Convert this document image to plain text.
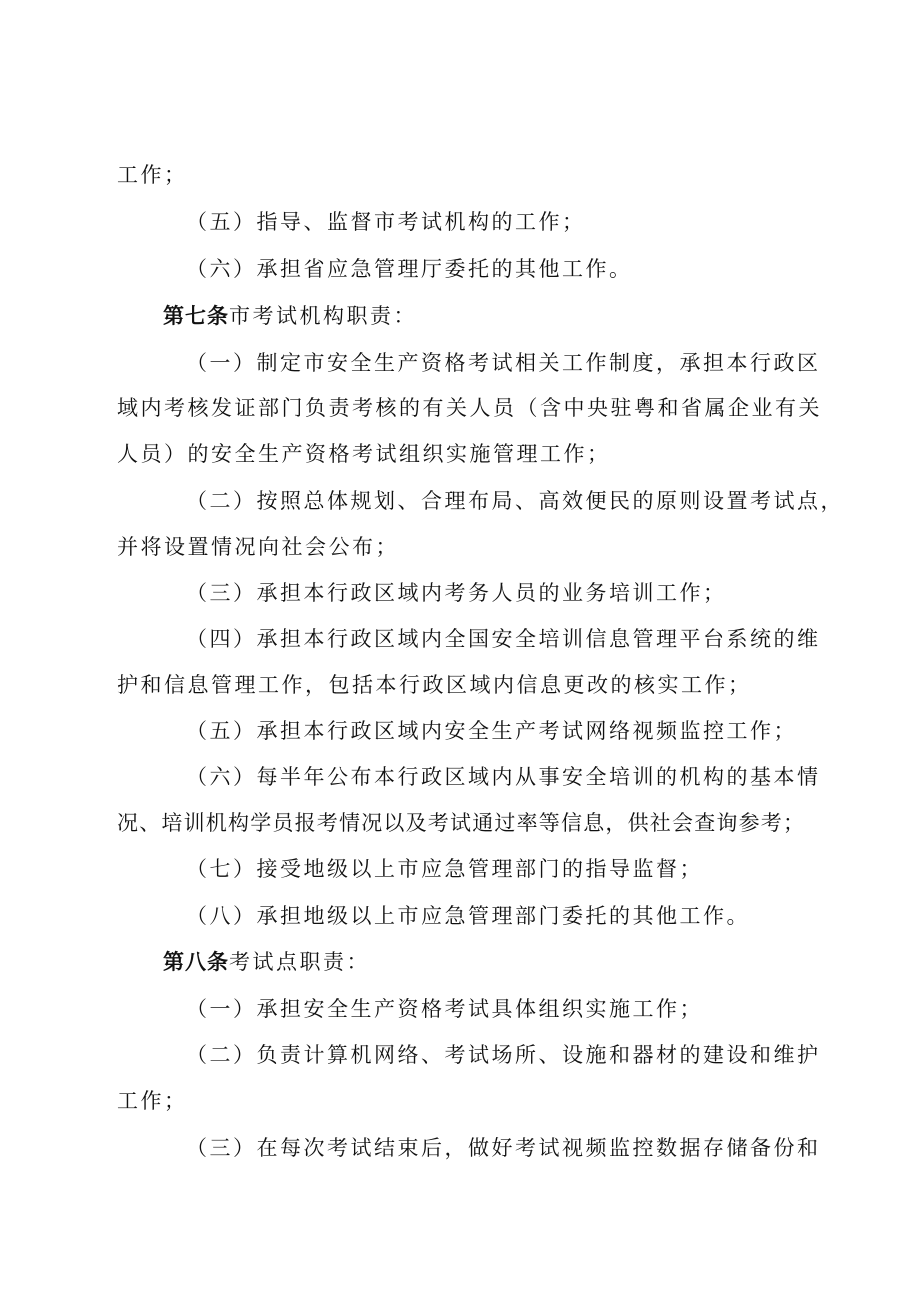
工作；
（五）指导、监督市考试机构的工作；
（六）承担省应急管理厅委托的其他工作。
第七条市考试机构职责：
（一）制定市安全生产资格考试相关工作制度，承担本行政区
域内考核发证部门负责考核的有关人员（含中央驻粤和省属企业有关
人员）的安全生产资格考试组织实施管理工作；
（二）按照总体规划、合理布局、高效便民的原则设置考试点，
并将设置情况向社会公布；
（三）承担本行政区域内考务人员的业务培训工作；
（四）承担本行政区域内全国安全培训信息管理平台系统的维
护和信息管理工作，包括本行政区域内信息更改的核实工作；
（五）承担本行政区域内安全生产考试网络视频监控工作；
（六）每半年公布本行政区域内从事安全培训的机构的基本情
况、培训机构学员报考情况以及考试通过率等信息，供社会查询参考；
（七）接受地级以上市应急管理部门的指导监督；
（八）承担地级以上市应急管理部门委托的其他工作。
第八条考试点职责：
（一）承担安全生产资格考试具体组织实施工作；
（二）负责计算机网络、考试场所、设施和器材的建设和维护
工作；
（三）在每次考试结束后，做好考试视频监控数据存储备份和
